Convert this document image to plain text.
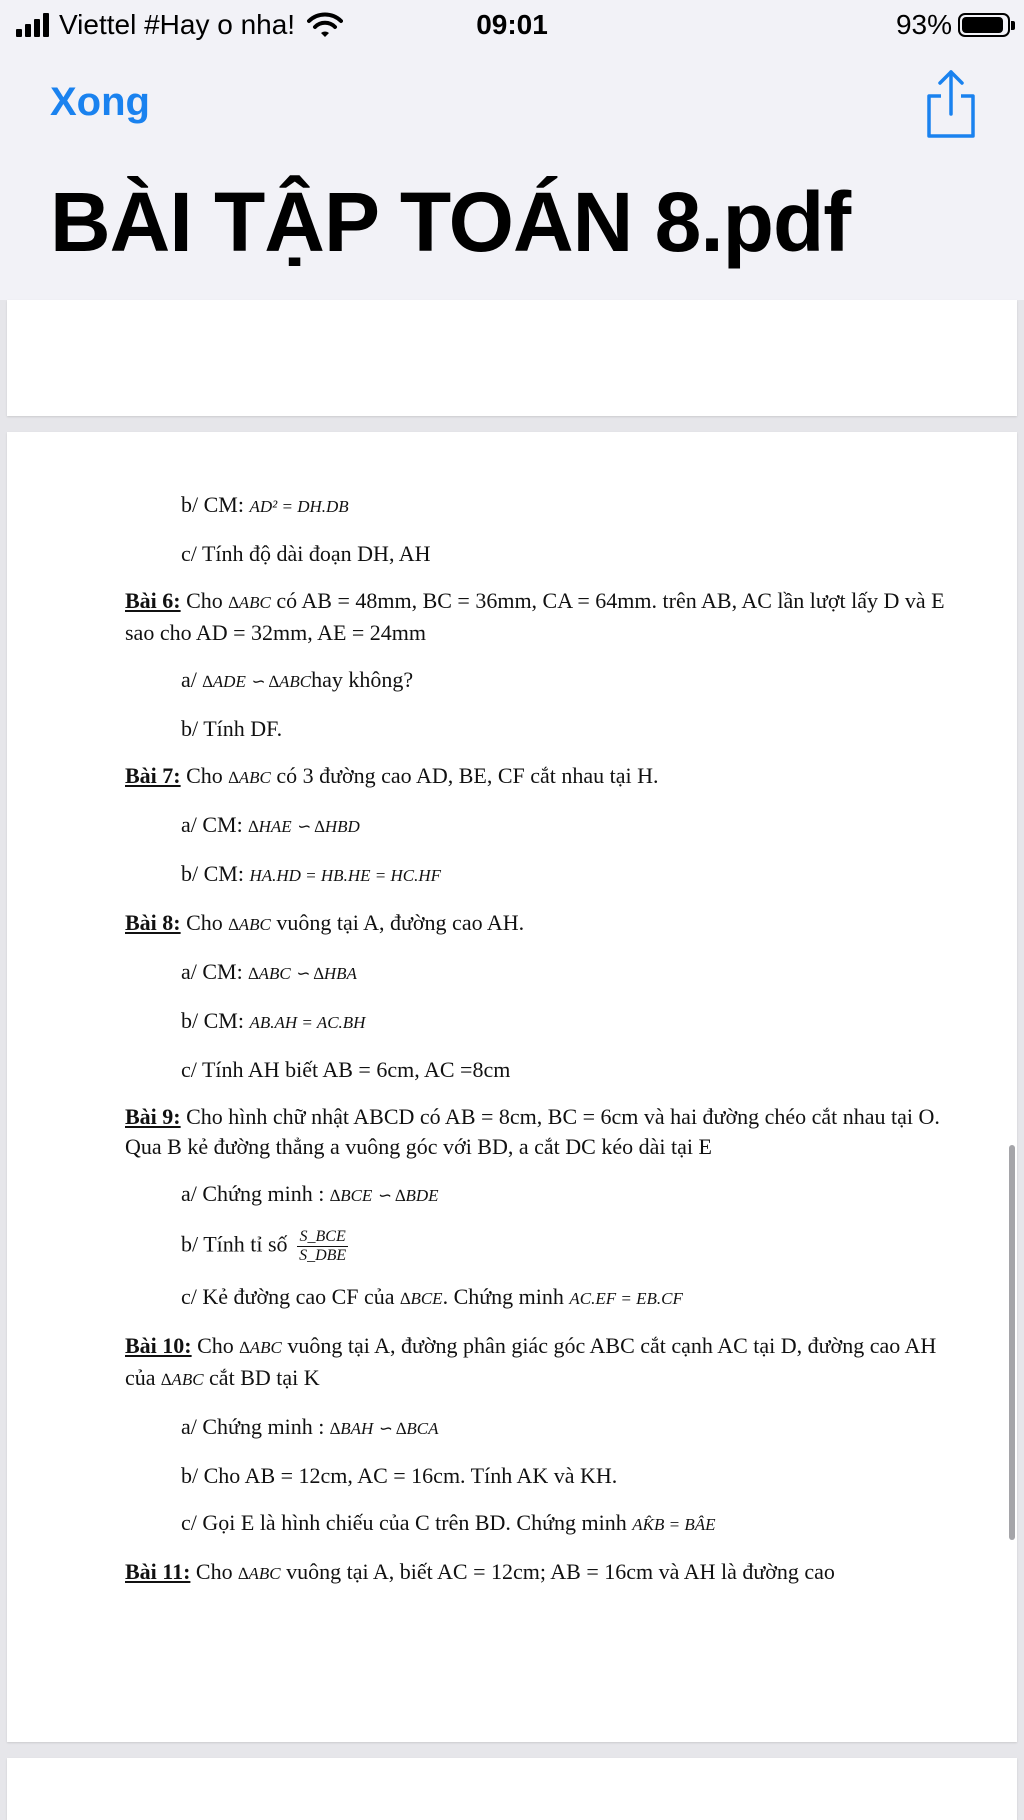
Viettel #Hay o nha!	09:01	93%
Xong
BÀI TẬP TOÁN 8.pdf
b/ CM: AD² = DH.DB
c/ Tính độ dài đoạn DH, AH
Bài 6: Cho ∆ABC có AB = 48mm, BC = 36mm, CA = 64mm. trên AB, AC lần lượt lấy D và E sao cho AD = 32mm, AE = 24mm
a/ ∆ADE ∽ ∆ABChay không?
b/ Tính DF.
Bài 7: Cho ∆ABC có 3 đường cao AD, BE, CF cắt nhau tại H.
a/ CM: ∆HAE ∽ ∆HBD
b/ CM: HA.HD = HB.HE = HC.HF
Bài 8: Cho ∆ABC vuông tại A, đường cao AH.
a/ CM: ∆ABC ∽ ∆HBA
b/ CM: AB.AH = AC.BH
c/ Tính AH biết AB = 6cm, AC =8cm
Bài 9: Cho hình chữ nhật ABCD có AB = 8cm, BC = 6cm và hai đường chéo cắt nhau tại O. Qua B kẻ đường thẳng a vuông góc với BD, a cắt DC kéo dài tại E
a/ Chứng minh : ∆BCE ∽ ∆BDE
b/ Tính tỉ số $\frac{\text{S\_BCE}}{\text{S\_DBE}}$
c/ Kẻ đường cao CF của ∆BCE. Chứng minh AC.EF = EB.CF
Bài 10: Cho ∆ABC vuông tại A, đường phân giác góc ABC cắt cạnh AC tại D, đường cao AH của ∆ABC cắt BD tại K
a/ Chứng minh : ∆BAH ∽ ∆BCA
b/ Cho AB = 12cm, AC = 16cm. Tính AK và KH.
c/ Gọi E là hình chiếu của C trên BD. Chứng minh AK̂B = BÂE
Bài 11: Cho ∆ABC vuông tại A, biết AC = 12cm; AB = 16cm và AH là đường cao
